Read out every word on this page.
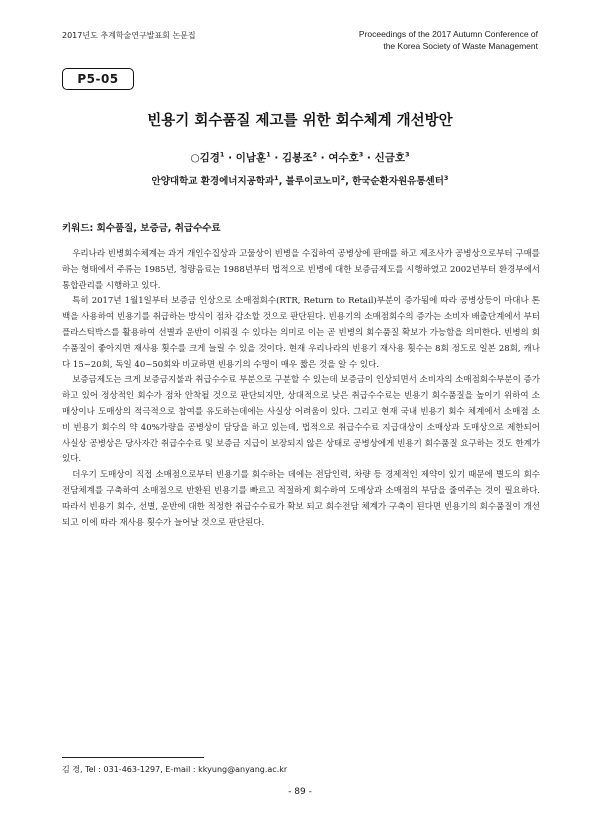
2017년도 추계학술연구발표회 논문집	Proceedings of the 2017 Autumn Conference of
the Korea Society of Waste Management
P5-05
빈용기 회수품질 제고를 위한 회수체계 개선방안
○김경$^1$ · 이남훈$^1$ · 김봉조$^2$ · 여수호$^3$ · 신금호$^3$
안양대학교 환경에너지공학과$^1$, 블루이코노미$^2$, 한국순환자원유통센터$^3$
키워드: 회수품질, 보증금, 취급수수료

우리나라 빈병회수체계는 과거 개인수집상과 고물상이 빈병을 수집하여 공병상에 판매를 하고 제조사가 공병상으로부터 구매를 하는 형태에서 주류는 1985년, 청량음료는 1988년부터 법적으로 빈병에 대한 보증금제도를 시행하였고 2002년부터 환경부에서 통합관리를 시행하고 있다.

특히 2017년 1월1일부터 보증금 인상으로 소매점회수(RTR, Return to Retail)부분이 증가됨에 따라 공병상등이 마대나 톤백을 사용하여 빈용기를 취급하는 방식이 점차 감소할 것으로 판단된다. 빈용기의 소매점회수의 증가는 소비자 배출단계에서 부터 플라스틱박스를 활용하여 선별과 운반이 이뤄질 수 있다는 의미로 이는 곧 빈병의 회수품질 확보가 가능함을 의미한다. 빈병의 회수품질이 좋아지면 재사용 횟수를 크게 늘릴 수 있을 것이다. 현재 우리나라의 빈용기 재사용 횟수는 8회 정도로 일본 28회, 캐나다 15~20회, 독일 40~50회와 비교하면 빈용기의 수명이 매우 짧은 것을 알 수 있다.

보증금제도는 크게 보증금지불과 취급수수료 부분으로 구분할 수 있는데 보증금이 인상되면서 소비자의 소매점회수부분이 증가하고 있어 정상적인 회수가 점차 안착될 것으로 판단되지만, 상대적으로 낮은 취급수수료는 빈용기 회수품질을 높이기 위하여 소매상이나 도매상의 적극적으로 참여를 유도하는데에는 사실상 어려움이 있다. 그리고 현재 국내 빈용기 회수 체계에서 소매점 소비 빈용기 회수의 약 40%가량을 공병상이 담당을 하고 있는데, 법적으로 취급수수료 지급대상이 소매상과 도매상으로 제한되어 사실상 공병상은 당사자간 취급수수료 및 보증금 지급이 보장되지 않은 상태로 공병상에게 빈용기 회수품질 요구하는 것도 한계가 있다.

더우기 도매상이 직접 소매점으로부터 빈용기를 회수하는 데에는 전담인력, 차량 등 경제적인 제약이 있기 때문에 별도의 회수전담체계를 구축하여 소매점으로 반환된 빈용기를 빠르고 적절하게 회수하여 도매상과 소매점의 부담을 줄여주는 것이 필요하다. 따라서 빈용기 회수, 선별, 운반에 대한 적정한 취급수수료가 확보 되고 회수전담 체계가 구축이 된다면 빈용기의 회수품질이 개선되고 이에 따라 재사용 횟수가 늘어날 것으로 판단된다.

김 경, Tel : 031-463-1297, E-mail : kkyung@anyang.ac.kr
- 89 -
